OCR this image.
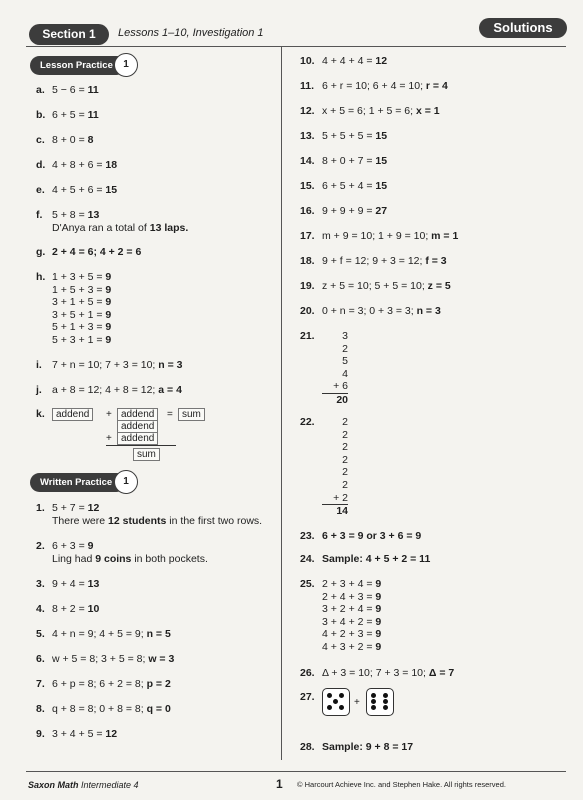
Section 1	Lessons 1–10, Investigation 1	Solutions
Lesson Practice	1
a. 5 − 6 = 11
b. 6 + 5 = 11
c. 8 + 0 = 8
d. 4 + 8 + 6 = 18
e. 4 + 5 + 6 = 15
f. 5 + 8 = 13
D'Anya ran a total of 13 laps.
g. 2 + 4 = 6; 4 + 2 = 6
h. 1 + 3 + 5 = 9
1 + 5 + 3 = 9
3 + 1 + 5 = 9
3 + 5 + 1 = 9
5 + 1 + 3 = 9
5 + 3 + 1 = 9
i. 7 + n = 10; 7 + 3 = 10; n = 3
j. a + 8 = 12; 4 + 8 = 12; a = 4
k.	addend	+ addend	= sum
addend
+ addend
sum
Written Practice	1
1. 5 + 7 = 12
There were 12 students in the first two rows.
2. 6 + 3 = 9
Ling had 9 coins in both pockets.
3. 9 + 4 = 13
4. 8 + 2 = 10
5. 4 + n = 9; 4 + 5 = 9; n = 5
6. w + 5 = 8; 3 + 5 = 8; w = 3
7. 6 + p = 8; 6 + 2 = 8; p = 2
8. q + 8 = 8; 0 + 8 = 8; q = 0
9. 3 + 4 + 5 = 12
10. 4 + 4 + 4 = 12
11. 6 + r = 10; 6 + 4 = 10; r = 4
12. x + 5 = 6; 1 + 5 = 6; x = 1
13. 5 + 5 + 5 = 15
14. 8 + 0 + 7 = 15
15. 6 + 5 + 4 = 15
16. 9 + 9 + 9 = 27
17. m + 9 = 10; 1 + 9 = 10; m = 1
18. 9 + f = 12; 9 + 3 = 12; f = 3
19. z + 5 = 10; 5 + 5 = 10; z = 5
20. 0 + n = 3; 0 + 3 = 3; n = 3
21.	3
2
5
4
+ 6
20
22.	2
2
2
2
2
2
+ 2
14
23. 6 + 3 = 9 or 3 + 6 = 9
24. Sample: 4 + 5 + 2 = 11
25. 2 + 3 + 4 = 9
2 + 4 + 3 = 9
3 + 2 + 4 = 9
3 + 4 + 2 = 9
4 + 2 + 3 = 9
4 + 3 + 2 = 9
26. Δ + 3 = 10; 7 + 3 = 10; Δ = 7
27.	+
28. Sample: 9 + 8 = 17
Saxon Math Intermediate 4	1 © Harcourt Achieve Inc. and Stephen Hake. All rights reserved.
